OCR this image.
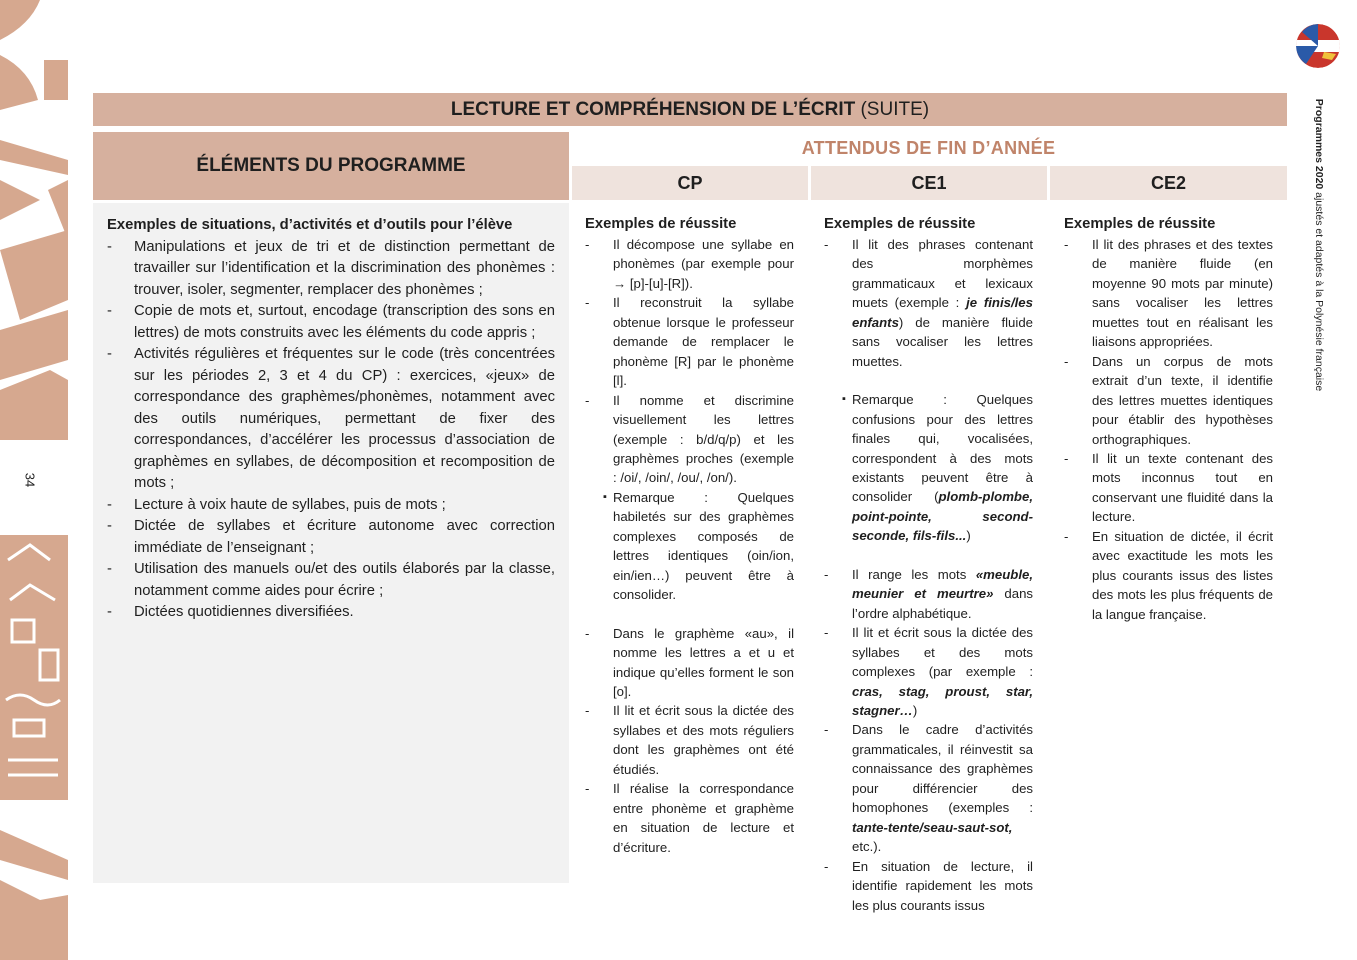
34
Programmes 2020 ajustés et adaptés à la Polynésie française
LECTURE ET COMPRÉHENSION DE L’ÉCRIT (SUITE)
ÉLÉMENTS DU PROGRAMME
ATTENDUS DE FIN D’ANNÉE
CP	CE1	CE2
Exemples de situations, d’activités et d’outils pour l’élève
- Manipulations et jeux de tri et de distinction permettant de travailler sur l’identification et la discrimination des phonèmes : trouver, isoler, segmenter, remplacer des phonèmes ;
- Copie de mots et, surtout, encodage (transcription des sons en lettres) de mots construits avec les éléments du code appris ;
- Activités régulières et fréquentes sur le code (très concentrées sur les périodes 2, 3 et 4 du CP) : exercices, «jeux» de correspondance des graphèmes/phonèmes, notamment avec des outils numériques, permettant de fixer des correspondances, d’accélérer les processus d’association de graphèmes en syllabes, de décomposition et recomposition de mots ;
- Lecture à voix haute de syllabes, puis de mots ;
- Dictée de syllabes et écriture autonome avec correction immédiate de l’enseignant ;
- Utilisation des manuels ou/et des outils élaborés par la classe, notamment comme aides pour écrire ;
- Dictées quotidiennes diversifiées.
Exemples de réussite
- Il décompose une syllabe en phonèmes (par exemple pour → [p]-[u]-[R]).
- Il reconstruit la syllabe obtenue lorsque le professeur demande de remplacer le phonème [R] par le phonème [l].
- Il nomme et discrimine visuellement les lettres (exemple : b/d/q/p) et les graphèmes proches (exemple : /oi/, /oin/, /ou/, /on/).

▪ Remarque : Quelques habiletés sur des graphèmes complexes composés de lettres identiques (oin/ion, ein/ien…) peuvent être à consolider.

- Dans le graphème «au», il nomme les lettres a et u et indique qu’elles forment le son [o].
- Il lit et écrit sous la dictée des syllabes et des mots réguliers dont les graphèmes ont été étudiés.
- Il réalise la correspondance entre phonème et graphème en situation de lecture et d’écriture.
Exemples de réussite
- Il lit des phrases contenant des morphèmes grammaticaux et lexicaux muets (exemple : je finis/les enfants) de manière fluide sans vocaliser les lettres muettes.

▪ Remarque : Quelques confusions pour des lettres finales qui, vocalisées, correspondent à des mots existants peuvent être à consolider (plomb-plombe, point-pointe, second-seconde, fils-fils...)

- Il range les mots «meuble, meunier et meurtre» dans l’ordre alphabétique.
- Il lit et écrit sous la dictée des syllabes et des mots complexes (par exemple : cras, stag, proust, star, stagner…)
- Dans le cadre d’activités grammaticales, il réinvestit sa connaissance des graphèmes pour différencier des homophones (exemples : tante-tente/seau-saut-sot, etc.).
- En situation de lecture, il identifie rapidement les mots les plus courants issus
Exemples de réussite
- Il lit des phrases et des textes de manière fluide (en moyenne 90 mots par minute) sans vocaliser les lettres muettes tout en réalisant les liaisons appropriées.
- Dans un corpus de mots extrait d’un texte, il identifie des lettres muettes identiques pour établir des hypothèses orthographiques.
- Il lit un texte contenant des mots inconnus tout en conservant une fluidité dans la lecture.
- En situation de dictée, il écrit avec exactitude les mots les plus courants issus des listes des mots les plus fréquents de la langue française.
